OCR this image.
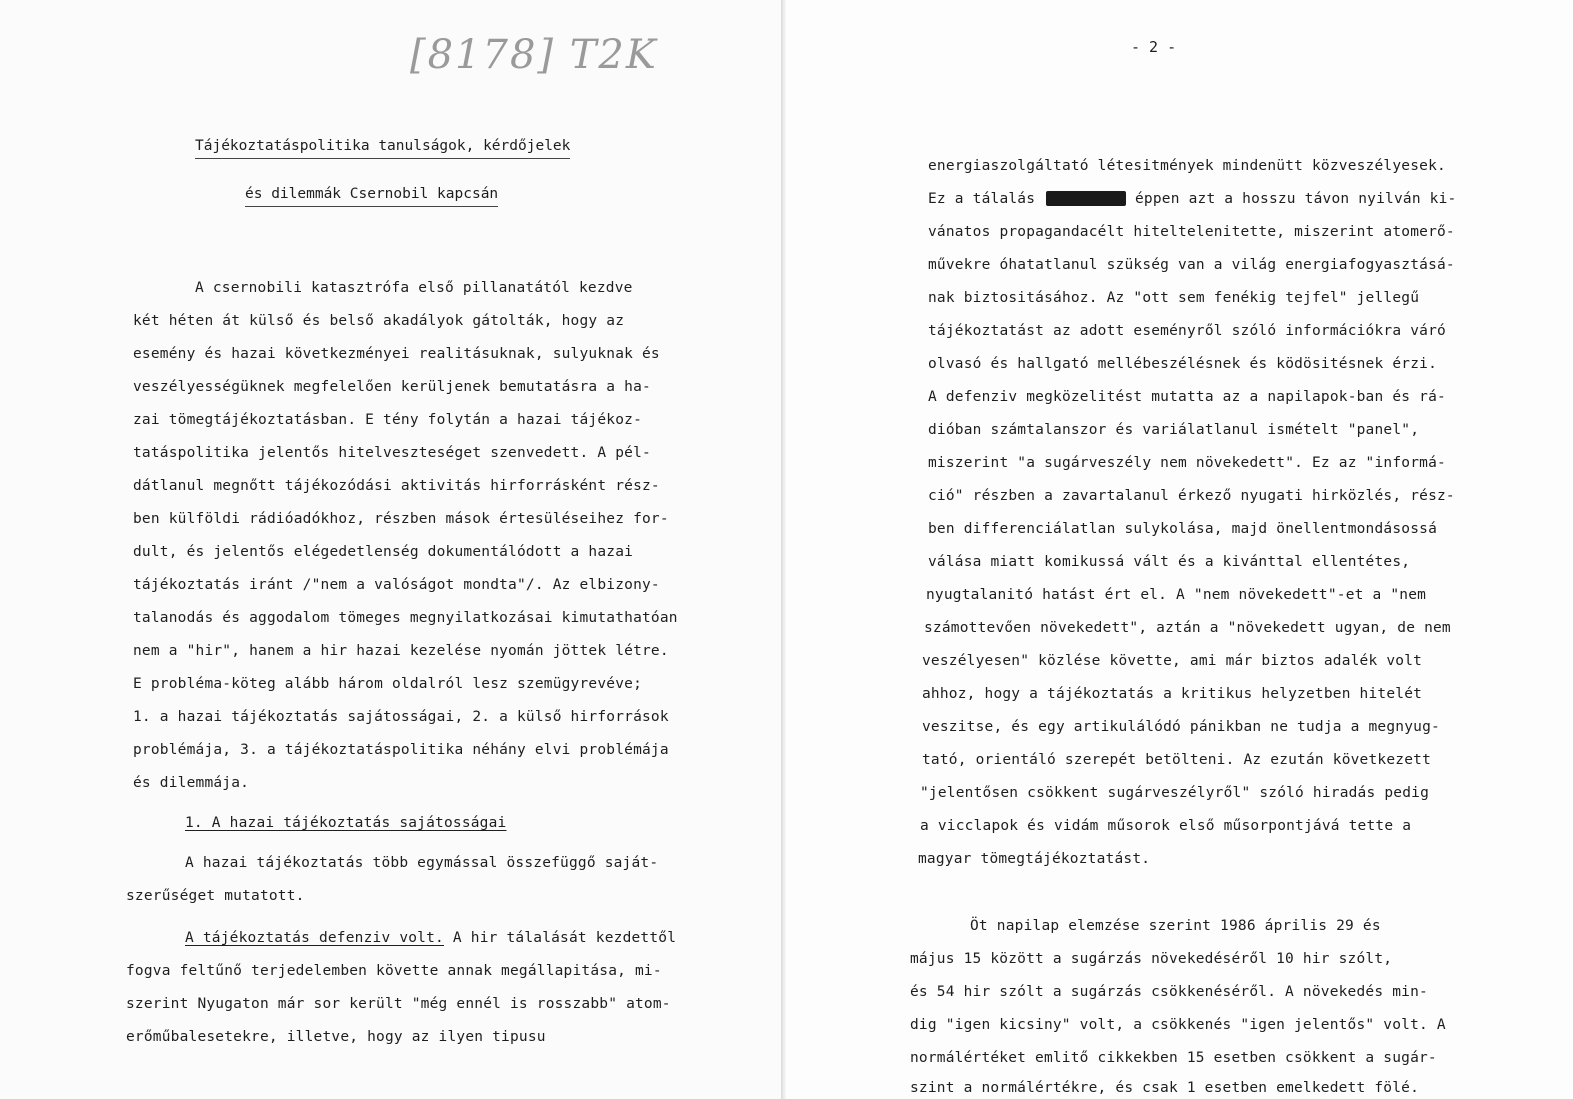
[8178] T2K
Tájékoztatáspolitika tanulságok, kérdőjelek
és dilemmák Csernobil kapcsán
A csernobili katasztrófa első pillanatától kezdve
két héten át külső és belső akadályok gátolták, hogy az
esemény és hazai következményei realitásuknak, sulyuknak és
veszélyességüknek megfelelően kerüljenek bemutatásra a ha-
zai tömegtájékoztatásban. E tény folytán a hazai tájékoz-
tatáspolitika jelentős hitelveszteséget szenvedett. A pél-
dátlanul megnőtt tájékozódási aktivitás hirforrásként rész-
ben külföldi rádióadókhoz, részben mások értesüléseihez for-
dult, és jelentős elégedetlenség dokumentálódott a hazai
tájékoztatás iránt /"nem a valóságot mondta"/. Az elbizony-
talanodás és aggodalom tömeges megnyilatkozásai kimutathatóan
nem a "hir", hanem a hir hazai kezelése nyomán jöttek létre.
E probléma-köteg alább három oldalról lesz szemügyrevéve;
1. a hazai tájékoztatás sajátosságai, 2. a külső hirforrások
problémája, 3. a tájékoztatáspolitika néhány elvi problémája
és dilemmája.
1. A hazai tájékoztatás sajátosságai
A hazai tájékoztatás több egymással összefüggő saját-
szerűséget mutatott.
A tájékoztatás defenziv volt. A hir tálalását kezdettől
fogva feltűnő terjedelemben követte annak megállapitása, mi-
szerint Nyugaton már sor került "még ennél is rosszabb" atom-
erőműbalesetekre, illetve, hogy az ilyen tipusu
- 2 -
energiaszolgáltató létesitmények mindenütt közveszélyesek.
Ez a tálalás	éppen azt a hosszu távon nyilván ki-
vánatos propagandacélt hiteltelenitette, miszerint atomerő-
művekre óhatatlanul szükség van a világ energiafogyasztásá-
nak biztositásához. Az "ott sem fenékig tejfel" jellegű
tájékoztatást az adott eseményről szóló információkra váró
olvasó és hallgató mellébeszélésnek és ködösitésnek érzi.
A defenziv megközelitést mutatta az a napilapok-ban és rá-
dióban számtalanszor és variálatlanul ismételt "panel",
miszerint "a sugárveszély nem növekedett". Ez az "informá-
ció" részben a zavartalanul érkező nyugati hirközlés, rész-
ben differenciálatlan sulykolása, majd önellentmondásossá
válása miatt komikussá vált és a kivánttal ellentétes,
nyugtalanitó hatást ért el. A "nem növekedett"-et a "nem
számottevően növekedett", aztán a "növekedett ugyan, de nem
veszélyesen" közlése követte, ami már biztos adalék volt
ahhoz, hogy a tájékoztatás a kritikus helyzetben hitelét
veszitse, és egy artikulálódó pánikban ne tudja a megnyug-
tató, orientáló szerepét betölteni. Az ezután következett
"jelentősen csökkent sugárveszélyről" szóló hiradás pedig
a vicclapok és vidám műsorok első műsorpontjává tette a
magyar tömegtájékoztatást.
Öt napilap elemzése szerint 1986 április 29 és
május 15 között a sugárzás növekedéséről 10 hir szólt,
és 54 hir szólt a sugárzás csökkenéséről. A növekedés min-
dig "igen kicsiny" volt, a csökkenés "igen jelentős" volt. A
normálértéket emlitő cikkekben 15 esetben csökkent a sugár-
szint a normálértékre, és csak 1 esetben emelkedett fölé.
